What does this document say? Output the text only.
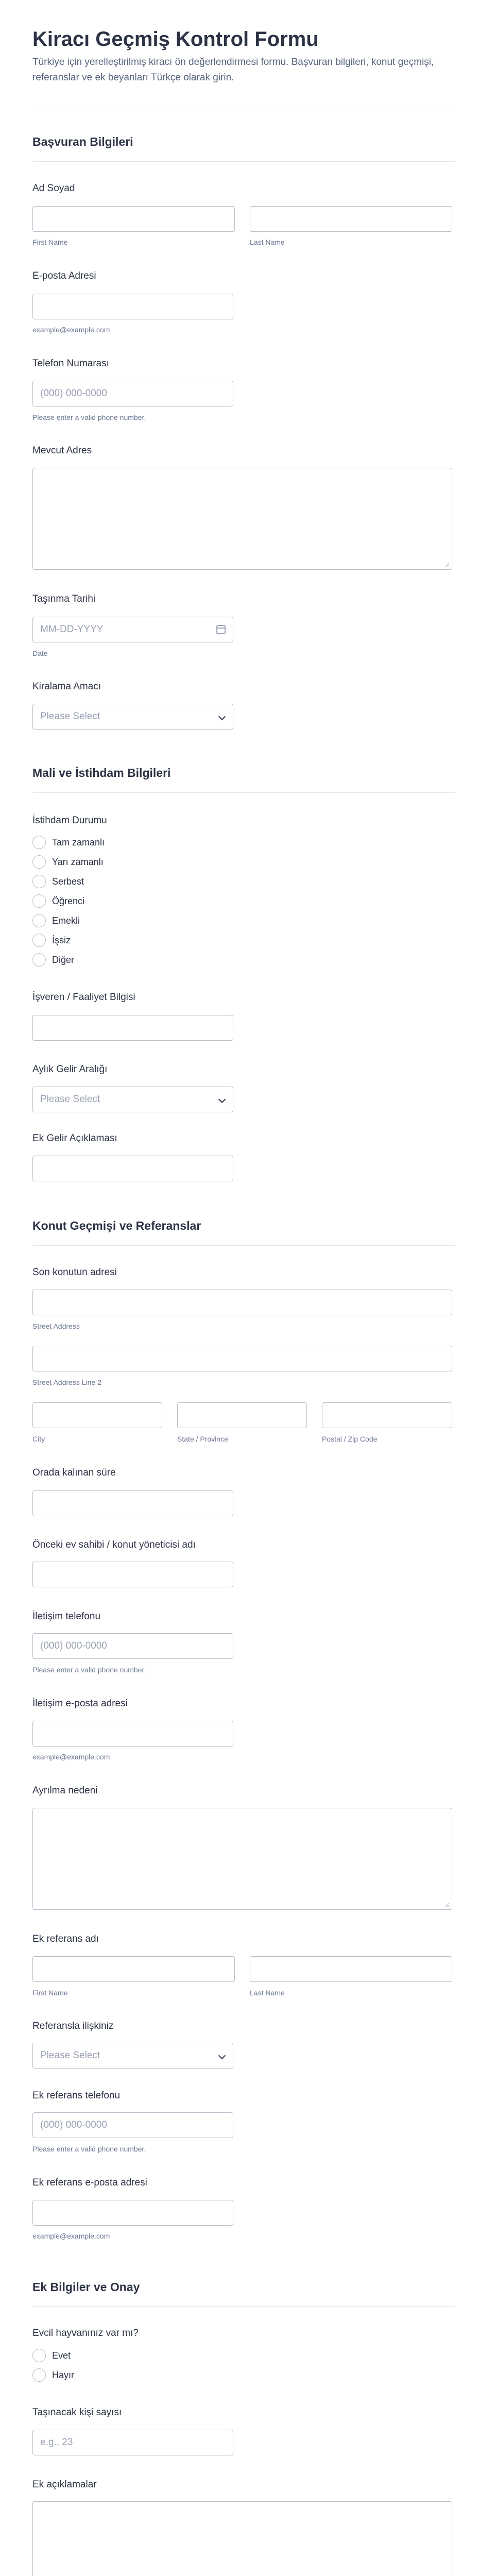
Kiracı Geçmiş Kontrol Formu
Türkiye için yerelleştirilmiş kiracı ön değerlendirmesi formu. Başvuran bilgileri, konut geçmişi, referanslar ve ek beyanları Türkçe olarak girin.
Başvuran Bilgileri
Ad Soyad
First Name	Last Name
E-posta Adresi
example@example.com
Telefon Numarası
(000) 000-0000
Please enter a valid phone number.
Mevcut Adres
Taşınma Tarihi
MM-DD-YYYY
Date
Kiralama Amacı
Please Select
Mali ve İstihdam Bilgileri
İstihdam Durumu
Tam zamanlı
Yarı zamanlı
Serbest
Öğrenci
Emekli
İşsiz
Diğer
İşveren / Faaliyet Bilgisi
Aylık Gelir Aralığı
Please Select
Ek Gelir Açıklaması
Konut Geçmişi ve Referanslar
Son konutun adresi
Street Address
Street Address Line 2
City	State / Province	Postal / Zip Code
Orada kalınan süre
Önceki ev sahibi / konut yöneticisi adı
İletişim telefonu
(000) 000-0000
Please enter a valid phone number.
İletişim e-posta adresi
example@example.com
Ayrılma nedeni
Ek referans adı
First Name	Last Name
Referansla ilişkiniz
Please Select
Ek referans telefonu
(000) 000-0000
Please enter a valid phone number.
Ek referans e-posta adresi
example@example.com
Ek Bilgiler ve Onay
Evcil hayvanınız var mı?
Evet
Hayır
Taşınacak kişi sayısı
e.g., 23
Ek açıklamalar
